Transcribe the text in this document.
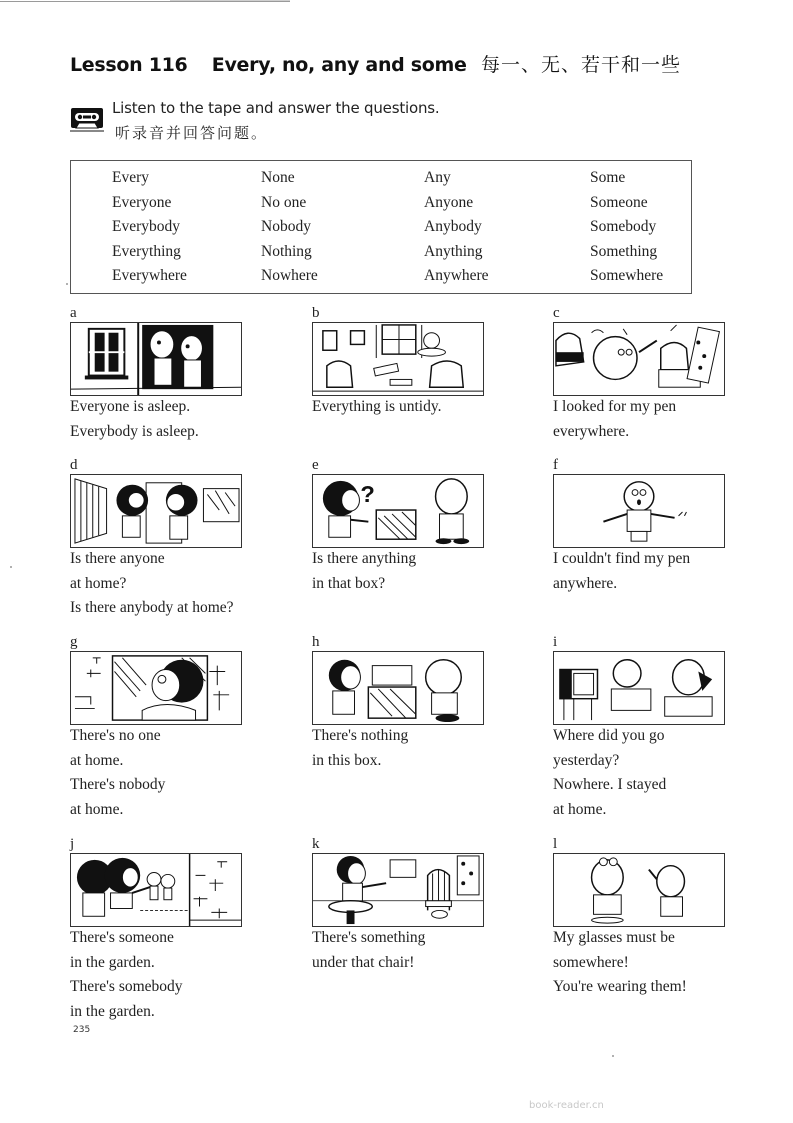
Lesson 116 Every, no, any and some 每一、无、若干和一些
Listen to the tape and answer the questions.
听录音并回答问题。
Every
Everyone
Everybody
Everything
Everywhere
None
No one
Nobody
Nothing
Nowhere
Any
Anyone
Anybody
Anything
Anywhere
Some
Someone
Somebody
Something
Somewhere
a
Everyone is asleep.
Everybody is asleep.
b
Everything is untidy.
c
I looked for my pen
everywhere.
d
Is there anyone
at home?
Is there anybody at home?
e
?
Is there anything
in that box?
f
I couldn't find my pen
anywhere.
g
There's no one
at home.
There's nobody
at home.
h
There's nothing
in this box.
i
Where did you go
yesterday?
Nowhere. I stayed
at home.
j
There's someone
in the garden.
There's somebody
in the garden.
k
There's something
under that chair!
l
My glasses must be
somewhere!
You're wearing them!
235
book-reader.cn
